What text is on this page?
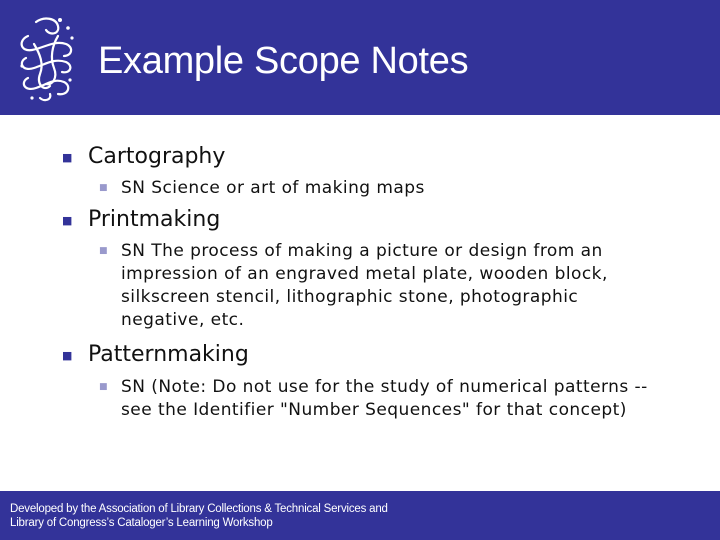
Example Scope Notes
■ Cartography
■ SN Science or art of making maps
■ Printmaking
■ SN The process of making a picture or design from an impression of an engraved metal plate, wooden block, silkscreen stencil, lithographic stone, photographic negative, etc.
■ Patternmaking
■ SN (Note: Do not use for the study of numerical patterns -- see the Identifier "Number Sequences" for that concept)
Developed by the Association of Library Collections & Technical Services and
Library of Congress’s Cataloger’s Learning Workshop
